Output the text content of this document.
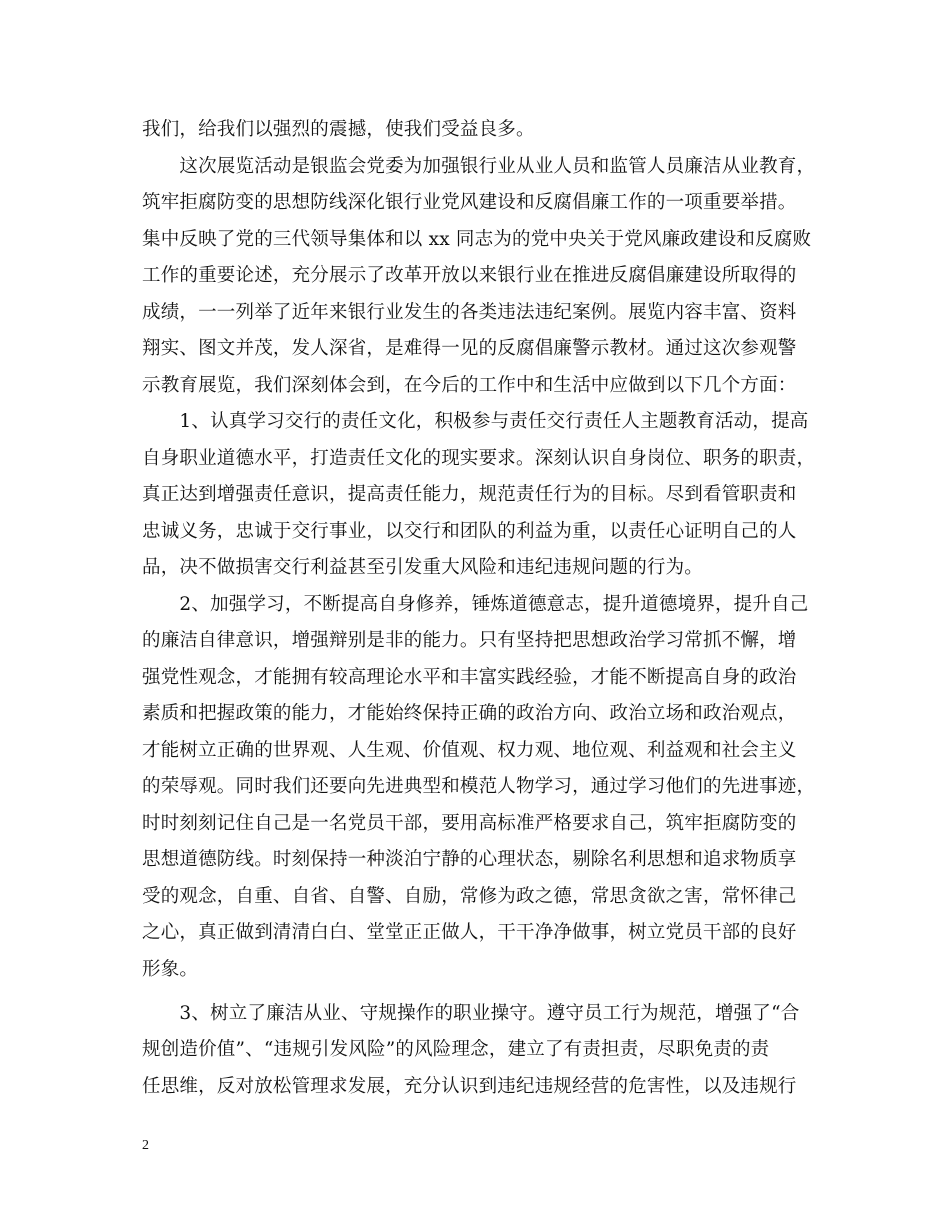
我们，给我们以强烈的震撼，使我们受益良多。
　　这次展览活动是银监会党委为加强银行业从业人员和监管人员廉洁从业教育，
筑牢拒腐防变的思想防线深化银行业党风建设和反腐倡廉工作的一项重要举措。
集中反映了党的三代领导集体和以 xx 同志为的党中央关于党风廉政建设和反腐败
工作的重要论述，充分展示了改革开放以来银行业在推进反腐倡廉建设所取得的
成绩，一一列举了近年来银行业发生的各类违法违纪案例。展览内容丰富、资料
翔实、图文并茂，发人深省，是难得一见的反腐倡廉警示教材。通过这次参观警
示教育展览，我们深刻体会到，在今后的工作中和生活中应做到以下几个方面：
　　1、认真学习交行的责任文化，积极参与责任交行责任人主题教育活动，提高
自身职业道德水平，打造责任文化的现实要求。深刻认识自身岗位、职务的职责，
真正达到增强责任意识，提高责任能力，规范责任行为的目标。尽到看管职责和
忠诚义务，忠诚于交行事业，以交行和团队的利益为重，以责任心证明自己的人
品，决不做损害交行利益甚至引发重大风险和违纪违规问题的行为。
　　2、加强学习，不断提高自身修养，锤炼道德意志，提升道德境界，提升自己
的廉洁自律意识，增强辩别是非的能力。只有坚持把思想政治学习常抓不懈，增
强党性观念，才能拥有较高理论水平和丰富实践经验，才能不断提高自身的政治
素质和把握政策的能力，才能始终保持正确的政治方向、政治立场和政治观点，
才能树立正确的世界观、人生观、价值观、权力观、地位观、利益观和社会主义
的荣辱观。同时我们还要向先进典型和模范人物学习，通过学习他们的先进事迹，
时时刻刻记住自己是一名党员干部，要用高标准严格要求自己，筑牢拒腐防变的
思想道德防线。时刻保持一种淡泊宁静的心理状态，剔除名利思想和追求物质享
受的观念，自重、自省、自警、自励，常修为政之德，常思贪欲之害，常怀律己
之心，真正做到清清白白、堂堂正正做人，干干净净做事，树立党员干部的良好
形象。
　　3、树立了廉洁从业、守规操作的职业操守。遵守员工行为规范，增强了“合
规创造价值”、“违规引发风险”的风险理念，建立了有责担责，尽职免责的责
任思维，反对放松管理求发展，充分认识到违纪违规经营的危害性，以及违规行
2
